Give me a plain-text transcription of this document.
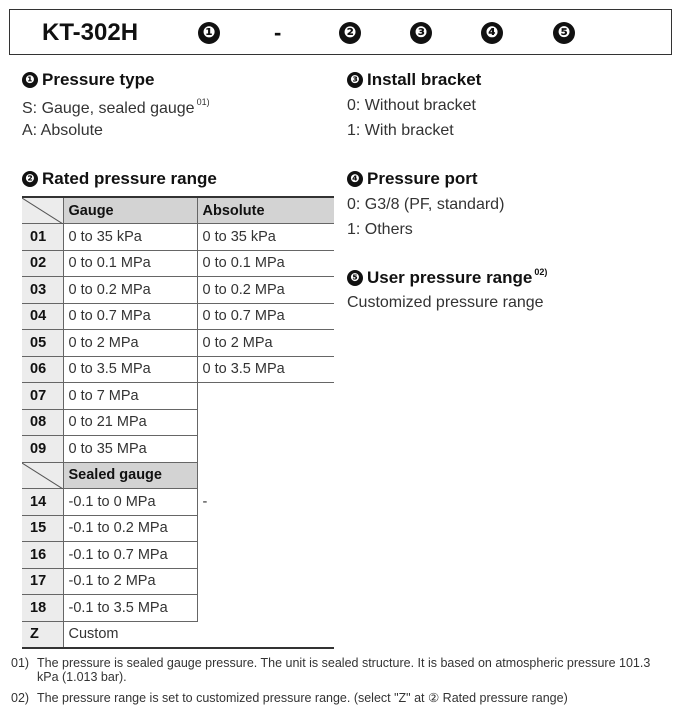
KT-302H	❶	-	❷	❸	❹	❺
❶ Pressure type
S: Gauge, sealed gauge $^{01)}$
A: Absolute
❸ Install bracket
0: Without bracket
1: With bracket
❷ Rated pressure range
	Gauge	Absolute
01	0 to 35 kPa	0 to 35 kPa
02	0 to 0.1 MPa	0 to 0.1 MPa
03	0 to 0.2 MPa	0 to 0.2 MPa
04	0 to 0.7 MPa	0 to 0.7 MPa
05	0 to 2 MPa	0 to 2 MPa
06	0 to 3.5 MPa	0 to 3.5 MPa
07	0 to 7 MPa	-
08	0 to 21 MPa	
09	0 to 35 MPa	

	Sealed gauge	
14	-0.1 to 0 MPa	
15	-0.1 to 0.2 MPa	
16	-0.1 to 0.7 MPa	
17	-0.1 to 2 MPa	
18	-0.1 to 3.5 MPa	
Z	Custom	
❹ Pressure port
0: G3/8 (PF, standard)
1: Others
❺ User pressure range $^{02)}$
Customized pressure range
01) The pressure is sealed gauge pressure. The unit is sealed structure. It is based on atmospheric pressure 101.3 kPa (1.013 bar).
02) The pressure range is set to customized pressure range. (select "Z" at ② Rated pressure range)
